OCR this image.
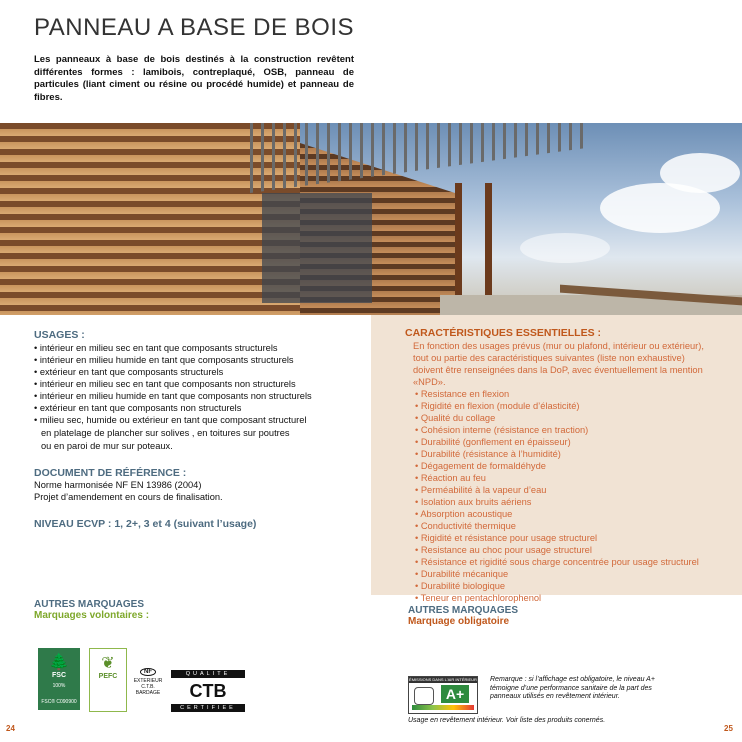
PANNEAU A BASE DE BOIS
Les panneaux à base de bois destinés à la construction revêtent différentes formes : lamibois, contreplaqué, OSB, panneau de particules (liant ciment ou résine ou procédé humide) et panneau de fibres.
USAGES :
• intérieur en milieu sec en tant que composants structurels
• intérieur en milieu humide en tant que composants structurels
• extérieur en tant que composants structurels
• intérieur en milieu sec en tant que composants non structurels
• intérieur en milieu humide en tant que composants non structurels
• extérieur en tant que composants non structurels
• milieu sec, humide ou extérieur en tant que composant structurel
en platelage de plancher sur solives , en toitures sur poutres
ou en paroi de mur sur poteaux.
DOCUMENT DE RÉFÉRENCE :
Norme harmonisée NF EN 13986 (2004)
Projet d’amendement en cours de finalisation.
NIVEAU ECVP : 1, 2+, 3 et 4 (suivant l’usage)
CARACTÉRISTIQUES ESSENTIELLES :
En fonction des usages prévus (mur ou plafond, intérieur ou extérieur), tout ou partie des caractéristiques suivantes (liste non exhaustive) doivent être renseignées dans la DoP, avec éventuellement la mention «NPD».
• Resistance en flexion
• Rigidité en flexion (module d’élasticité)
• Qualité du collage
• Cohésion interne (résistance en traction)
• Durabilité (gonflement en épaisseur)
• Durabilité (résistance à l’humidité)
• Dégagement de formaldéhyde
• Réaction au feu
• Perméabilité à la vapeur d’eau
• Isolation aux bruits aériens
• Absorption acoustique
• Conductivité thermique
• Rigidité et résistance pour usage structurel
• Resistance au choc pour usage structurel
• Résistance et rigidité sous charge concentrée pour usage structurel
• Durabilité mécanique
• Durabilité biologique
• Teneur en pentachlorophenol
AUTRES MARQUAGES
Marquages volontaires :	AUTRES MARQUAGES
Marquage obligatoire
🌲
FSC
100%
FSC® C090900
❦
PEFC
NF
EXTERIEUR
C.T.B.
BARDAGE
QUALITE
CTB
CERTIFIEE
ÉMISSIONS DANS L'AIR INTÉRIEUR
A+
Remarque : si l’affichage est obligatoire, le niveau A+ témoigne d’une performance sanitaire de la part des panneaux utilisés en revêtement intérieur.
Usage en revêtement intérieur. Voir liste des produits conernés.
24	25
